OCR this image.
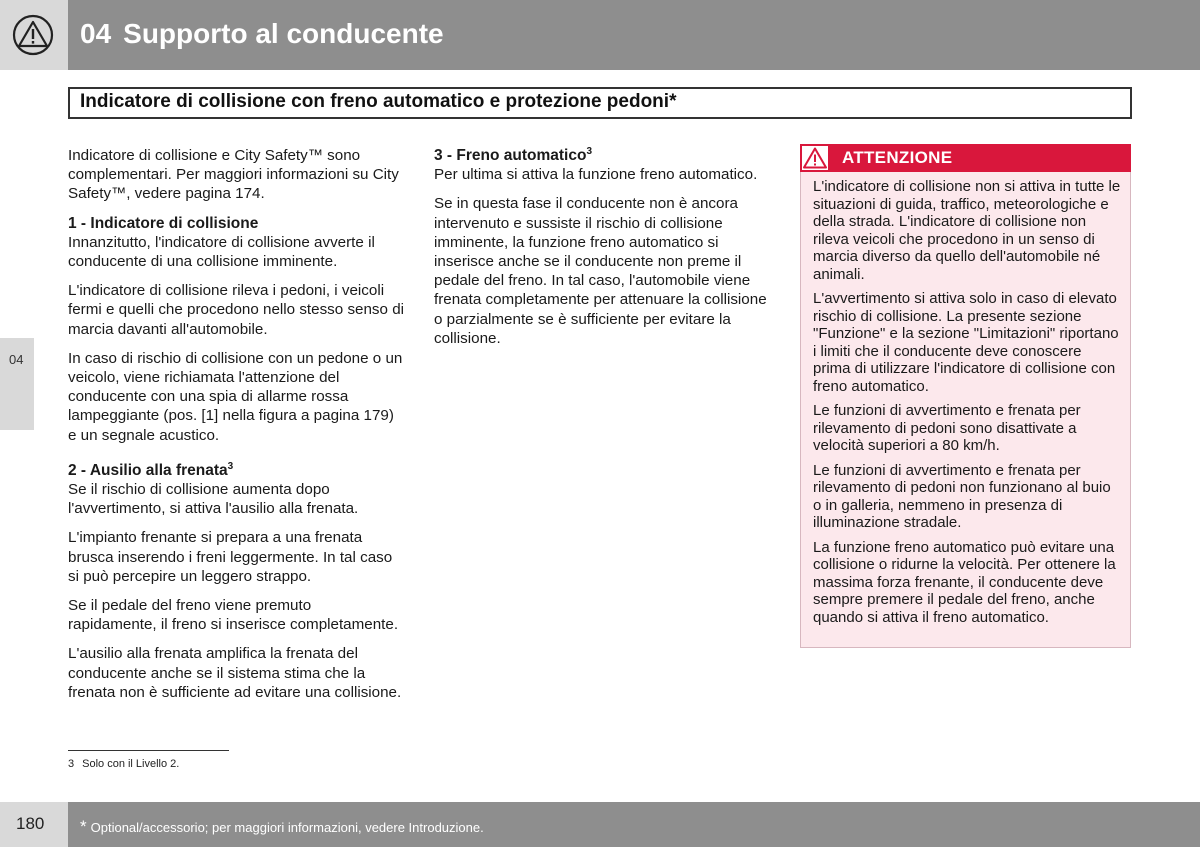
04 Supporto al conducente
Indicatore di collisione con freno automatico e protezione pedoni*
04

Indicatore di collisione e City Safety™ sono complementari. Per maggiori informazioni su City Safety™, vedere pagina 174.

1 - Indicatore di collisione

Innanzitutto, l'indicatore di collisione avverte il conducente di una collisione imminente.

L'indicatore di collisione rileva i pedoni, i veicoli fermi e quelli che procedono nello stesso senso di marcia davanti all'automobile.

In caso di rischio di collisione con un pedone o un veicolo, viene richiamata l'attenzione del conducente con una spia di allarme rossa lampeggiante (pos. [1] nella figura a pagina 179) e un segnale acustico.

2 - Ausilio alla frenata$^3$

Se il rischio di collisione aumenta dopo l'avvertimento, si attiva l'ausilio alla frenata.

L'impianto frenante si prepara a una frenata brusca inserendo i freni leggermente. In tal caso si può percepire un leggero strappo.

Se il pedale del freno viene premuto rapidamente, il freno si inserisce completamente.

L'ausilio alla frenata amplifica la frenata del conducente anche se il sistema stima che la frenata non è sufficiente ad evitare una collisione.

3 - Freno automatico$^3$

Per ultima si attiva la funzione freno automatico.

Se in questa fase il conducente non è ancora intervenuto e sussiste il rischio di collisione imminente, la funzione freno automatico si inserisce anche se il conducente non preme il pedale del freno. In tal caso, l'automobile viene frenata completamente per attenuare la collisione o parzialmente se è sufficiente per evitare la collisione.

ATTENZIONE

L'indicatore di collisione non si attiva in tutte le situazioni di guida, traffico, meteorologiche e della strada. L'indicatore di collisione non rileva veicoli che procedono in un senso di marcia diverso da quello dell'automobile né animali.

L'avvertimento si attiva solo in caso di elevato rischio di collisione. La presente sezione "Funzione" e la sezione "Limitazioni" riportano i limiti che il conducente deve conoscere prima di utilizzare l'indicatore di collisione con freno automatico.

Le funzioni di avvertimento e frenata per rilevamento di pedoni sono disattivate a velocità superiori a 80 km/h.

Le funzioni di avvertimento e frenata per rilevamento di pedoni non funzionano al buio o in galleria, nemmeno in presenza di illuminazione stradale.

La funzione freno automatico può evitare una collisione o ridurne la velocità. Per ottenere la massima forza frenante, il conducente deve sempre premere il pedale del freno, anche quando si attiva il freno automatico.

3 Solo con il Livello 2.
180 * Optional/accessorio; per maggiori informazioni, vedere Introduzione.
